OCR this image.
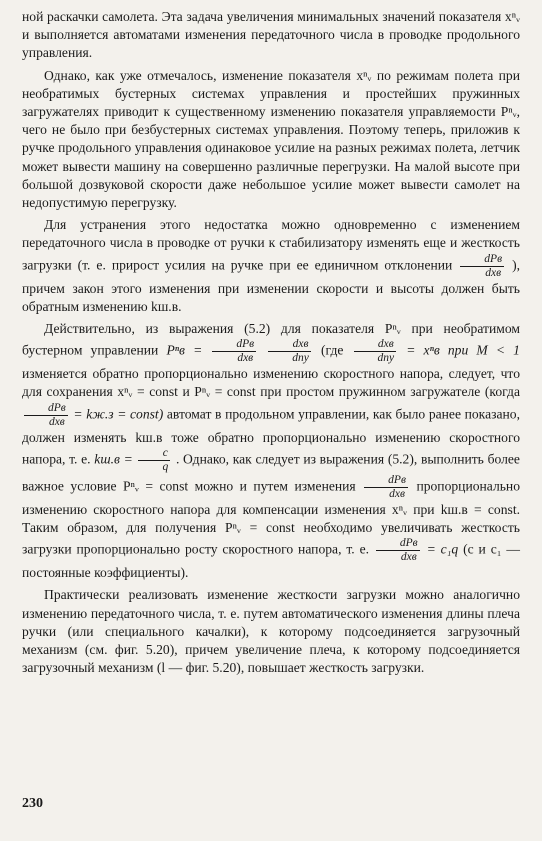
ной раскачки самолета. Эта задача увеличения минимальных значений показателя xⁿᵥ и выполняется автоматами изменения передаточного числа в проводке продольного управления.

Однако, как уже отмечалось, изменение показателя xⁿᵥ по режимам полета при необратимых бустерных системах управления и простейших пружинных загружателях приводит к существенному изменению показателя управляемости Pⁿᵥ, чего не было при безбустерных системах управления. Поэтому теперь, приложив к ручке продольного управления одинаковое усилие на разных режимах полета, летчик может вывести машину на совершенно различные перегрузки. На малой высоте при большой дозвуковой скорости даже небольшое усилие может вывести самолет на недопустимую перегрузку.

Для устранения этого недостатка можно одновременно с изменением передаточного числа в проводке от ручки к стабилизатору изменять еще и жесткость загрузки (т. е. прирост усилия на ручке при ее единичном отклонении $\frac{\text{dPв}}{\text{dxв}}$ ), причем закон этого изменения при изменении скорости и высоты должен быть обратным изменению kш.в.

Действительно, из выражения (5.2) для показателя Pⁿᵥ при необратимом бустерном управлении $P^nв = \frac{\text{dPв}}{\text{dxв}}$
$\frac{\text{dxв}}{\text{dnу}} (где \frac{\text{dxв}}{\text{dnу}} = x^nв$ при M < 1 изменяется обратно пропорционально изменению скоростного напора, следует, что для сохранения xⁿᵥ = const и Pⁿᵥ = const при простом пружинном загружателе (когда
$\frac{\text{dPв}}{\text{dxв}} = kж.з$ = const) автомат в продольном управлении, как было ранее показано, должен изменять kш.в тоже обратно пропорционально изменению скоростного напора, т. е. $kш.в = \frac{c}{q}$ . Однако, как следует из выражения (5.2), выполнить более важное условие Pⁿᵥ = const можно и путем изменения $\frac{\text{dPв}}{\text{dxв}}$ пропорционально изменению скоростного напора для компенсации изменения xⁿᵥ при kш.в = const. Таким образом, для получения Pⁿᵥ = const необходимо увеличивать жесткость загрузки пропорционально росту скоростного напора, т. е. $\frac{\text{dPв}}{\text{dxв}} = c_1q$ (c и c₁ — постоянные коэффициенты).

Практически реализовать изменение жесткости загрузки можно аналогично изменению передаточного числа, т. е. путем автоматического изменения длины плеча ручки (или специального качалки), к которому подсоединяется загрузочный механизм (см. фиг. 5.20), причем увеличение плеча, к которому подсоединяется загрузочный механизм (l — фиг. 5.20), повышает жесткость загрузки.

230
